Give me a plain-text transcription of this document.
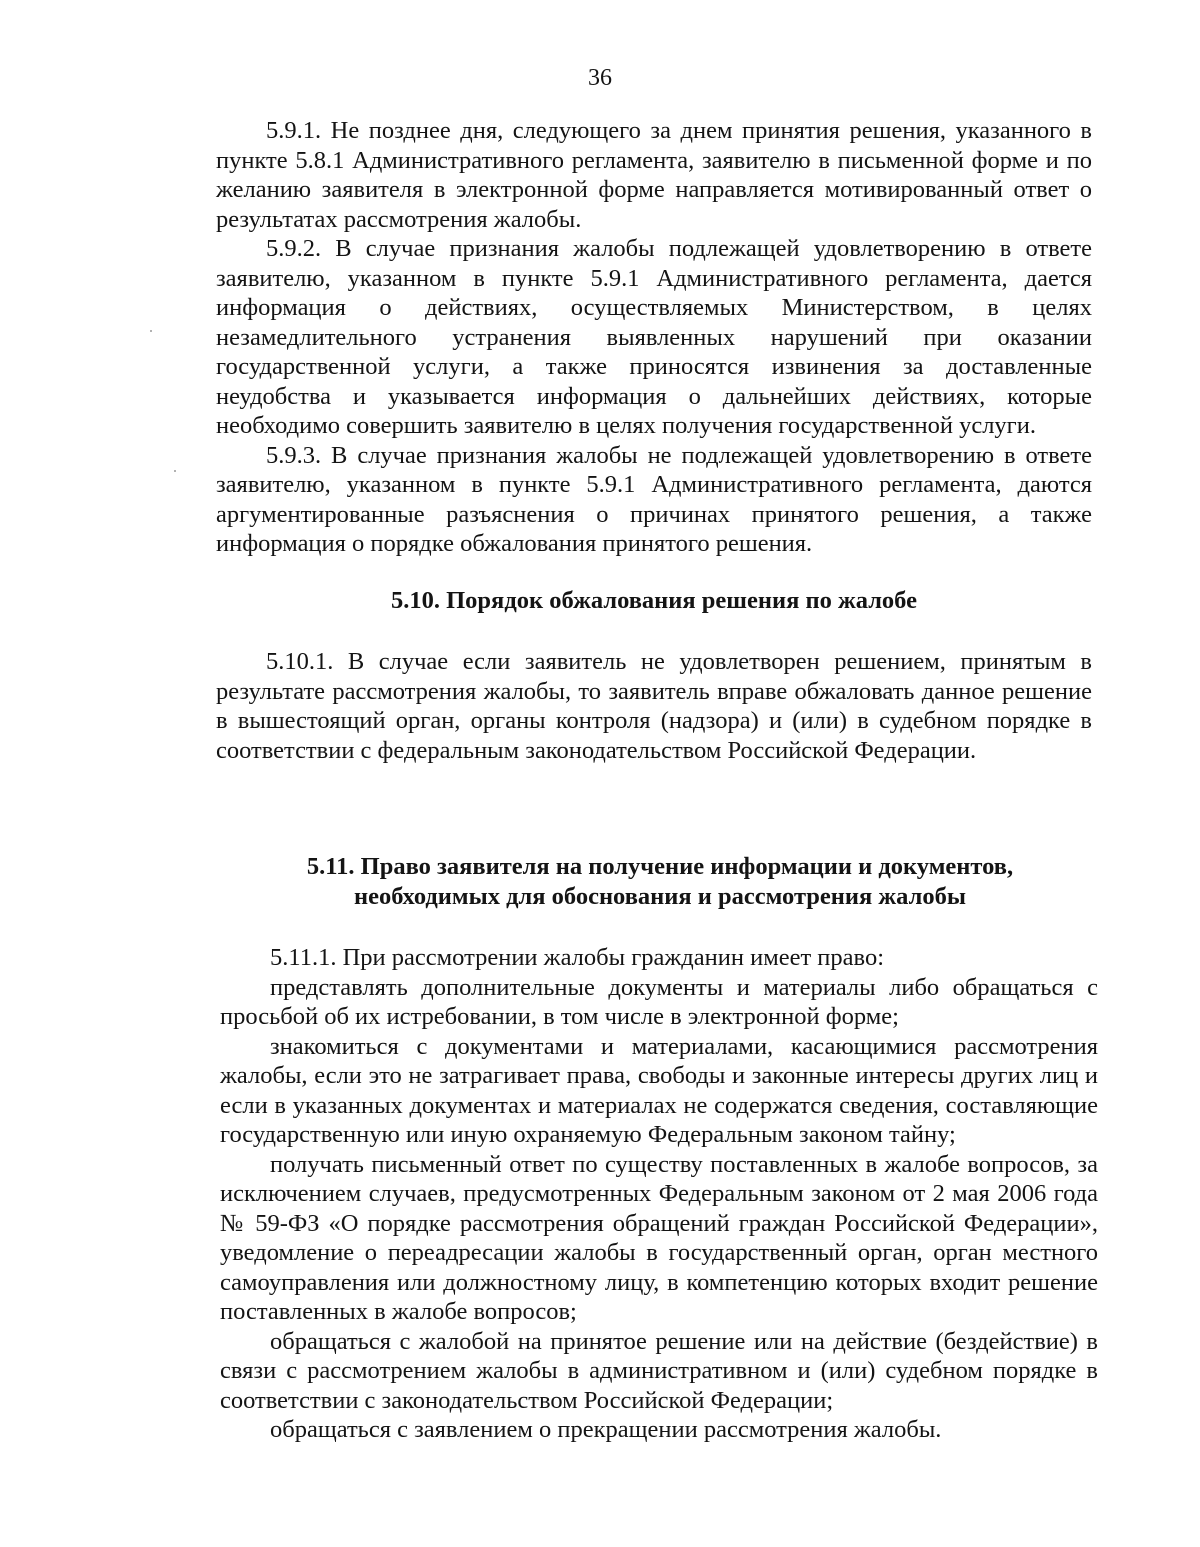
36

5.9.1. Не позднее дня, следующего за днем принятия решения, указанного в пункте 5.8.1 Административного регламента, заявителю в письменной форме и по желанию заявителя в электронной форме направляется мотивированный ответ о результатах рассмотрения жалобы.

5.9.2. В случае признания жалобы подлежащей удовлетворению в ответе заявителю, указанном в пункте 5.9.1 Административного регламента, дается информация о действиях, осуществляемых Министерством, в целях незамедлительного устранения выявленных нарушений при оказании государственной услуги, а также приносятся извинения за доставленные неудобства и указывается информация о дальнейших действиях, которые необходимо совершить заявителю в целях получения государственной услуги.

5.9.3. В случае признания жалобы не подлежащей удовлетворению в ответе заявителю, указанном в пункте 5.9.1 Административного регламента, даются аргументированные разъяснения о причинах принятого решения, а также информация о порядке обжалования принятого решения.

5.10. Порядок обжалования решения по жалобе

5.10.1. В случае если заявитель не удовлетворен решением, принятым в результате рассмотрения жалобы, то заявитель вправе обжаловать данное решение в вышестоящий орган, органы контроля (надзора) и (или) в судебном порядке в соответствии с федеральным законодательством Российской Федерации.

5.11. Право заявителя на получение информации и документов,
необходимых для обоснования и рассмотрения жалобы

5.11.1. При рассмотрении жалобы гражданин имеет право:

представлять дополнительные документы и материалы либо обращаться с просьбой об их истребовании, в том числе в электронной форме;

знакомиться с документами и материалами, касающимися рассмотрения жалобы, если это не затрагивает права, свободы и законные интересы других лиц и если в указанных документах и материалах не содержатся сведения, составляющие государственную или иную охраняемую Федеральным законом тайну;

получать письменный ответ по существу поставленных в жалобе вопросов, за исключением случаев, предусмотренных Федеральным законом от 2 мая 2006 года № 59-ФЗ «О порядке рассмотрения обращений граждан Российской Федерации», уведомление о переадресации жалобы в государственный орган, орган местного самоуправления или должностному лицу, в компетенцию которых входит решение поставленных в жалобе вопросов;

обращаться с жалобой на принятое решение или на действие (бездействие) в связи с рассмотрением жалобы в административном и (или) судебном порядке в соответствии с законодательством Российской Федерации;

обращаться с заявлением о прекращении рассмотрения жалобы.
